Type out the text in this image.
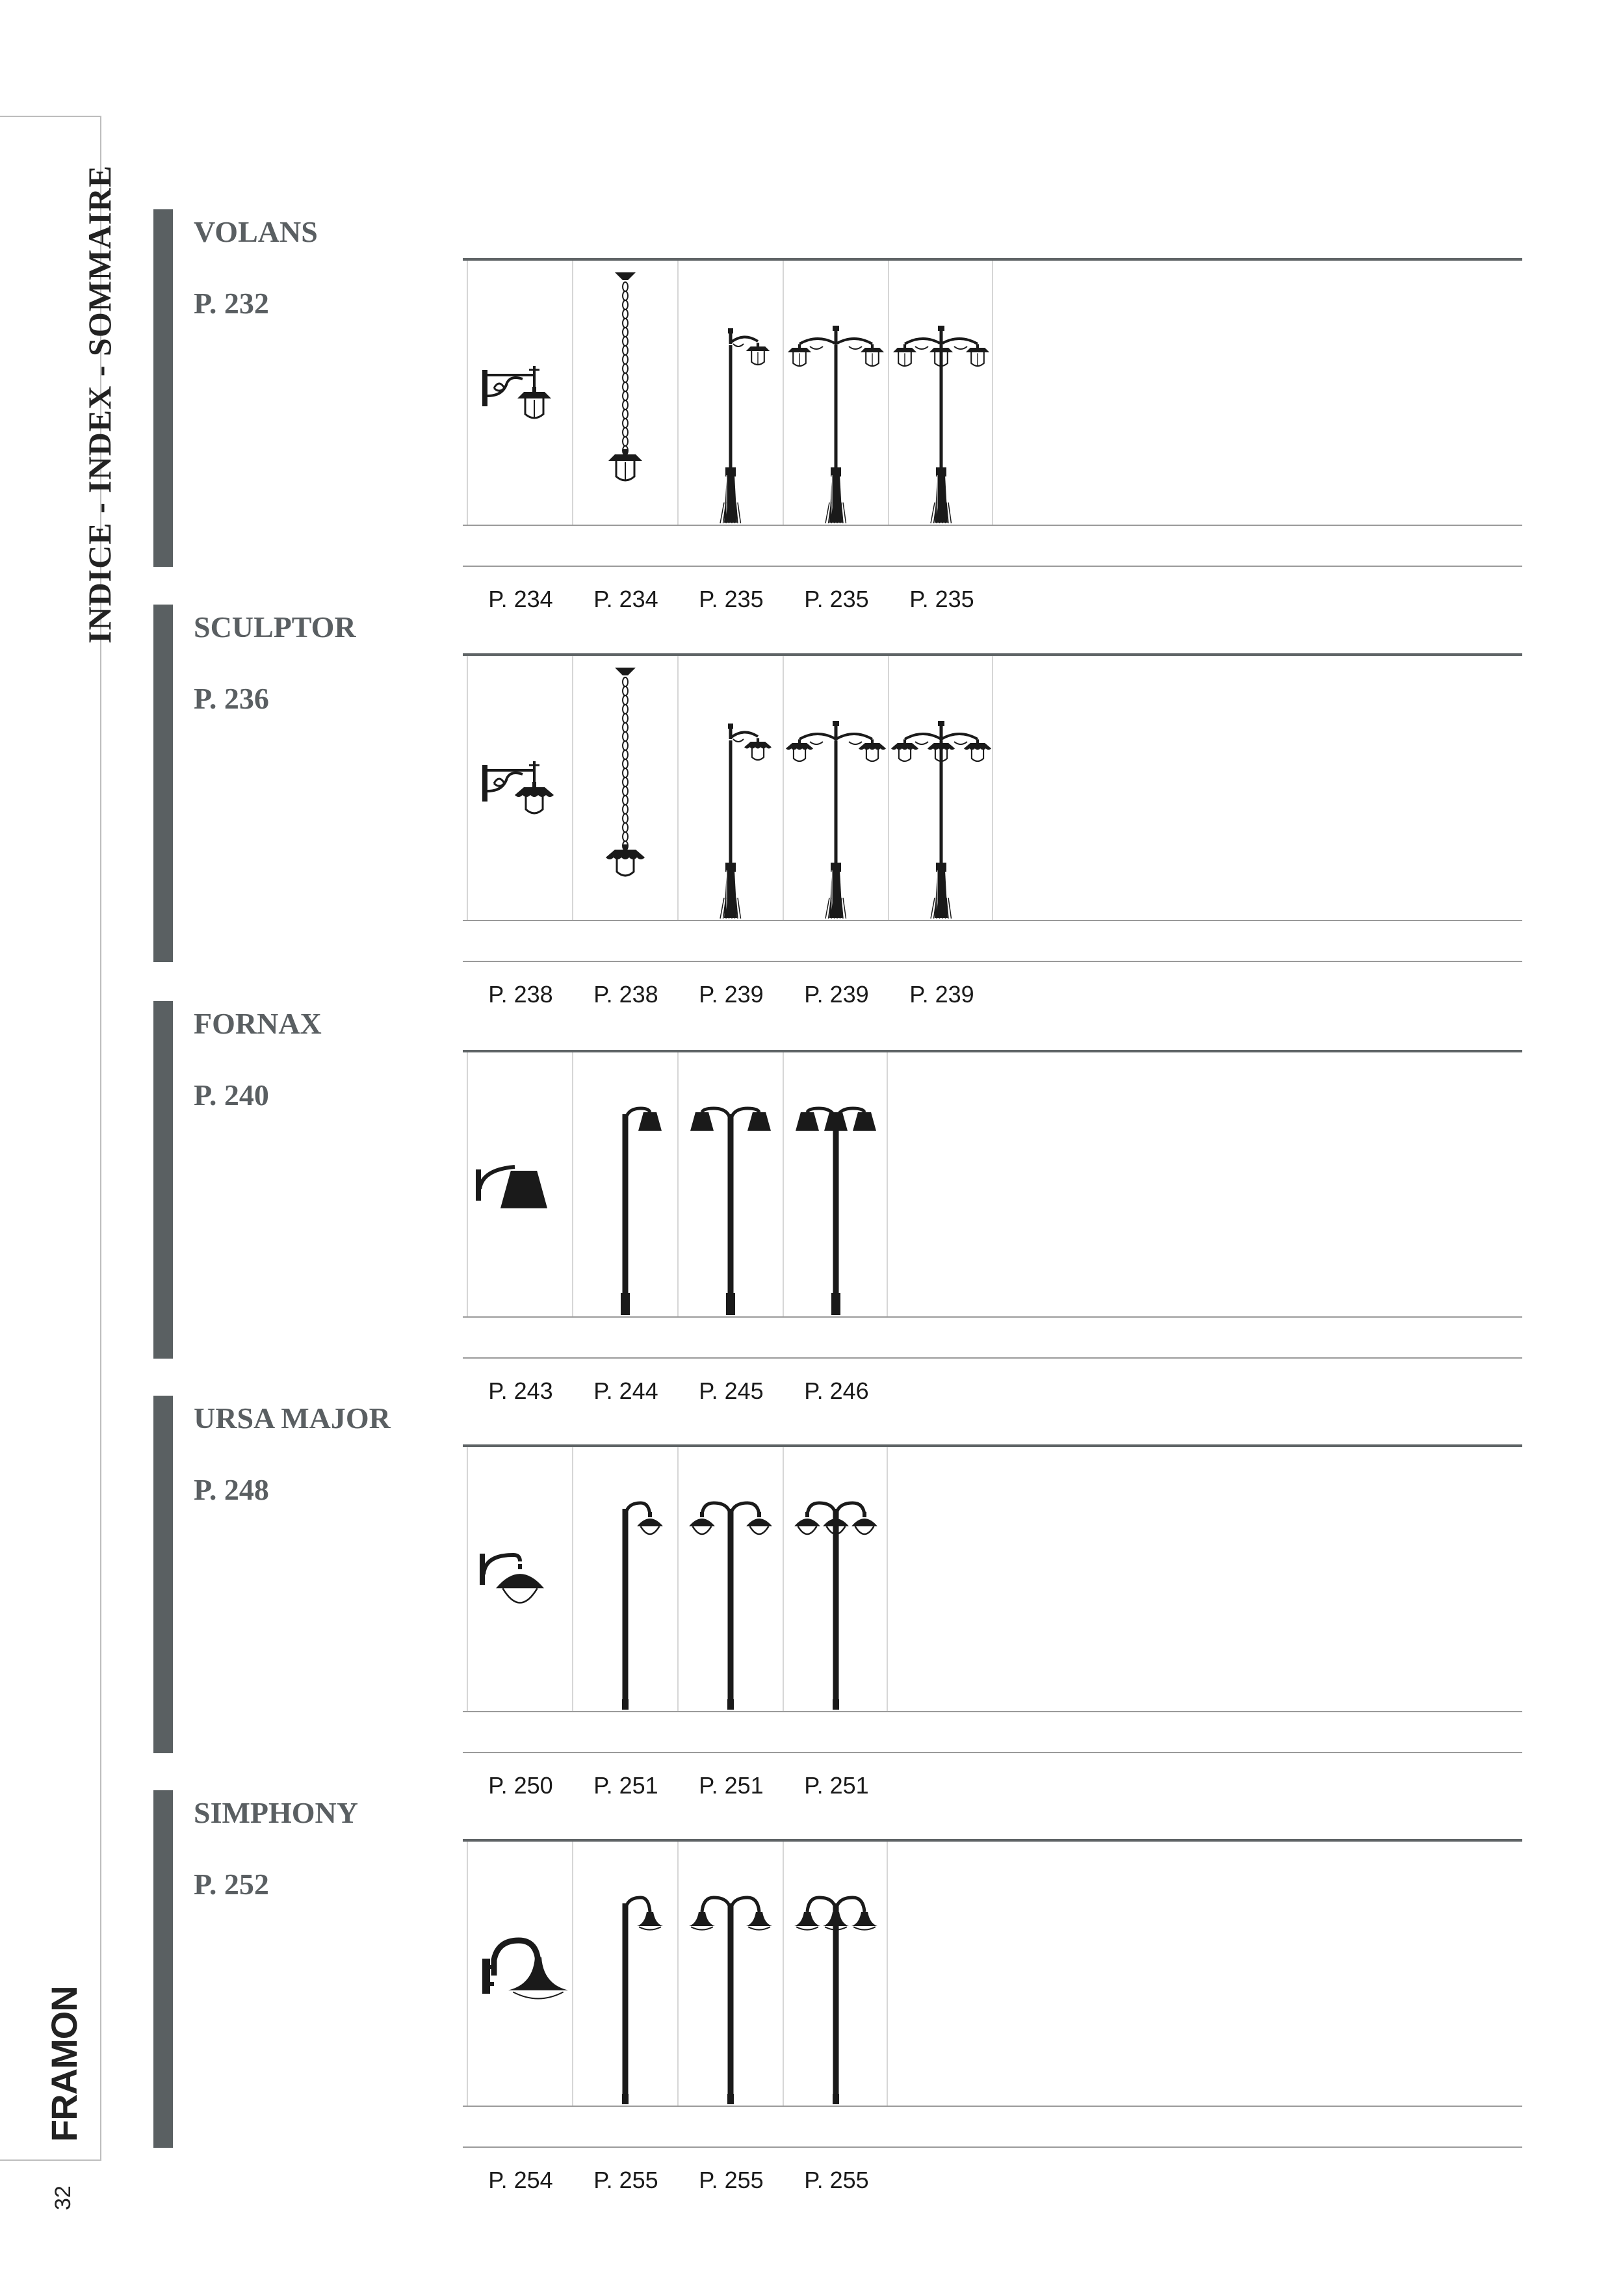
INDICE - INDEX - SOMMAIRE
FRAMON
32
VOLANS
P. 232
P. 234	P. 234	P. 235	P. 235	P. 235
SCULPTOR
P. 236
P. 238	P. 238	P. 239	P. 239	P. 239
FORNAX
P. 240
P. 243	P. 244	P. 245	P. 246
URSA MAJOR
P. 248
P. 250	P. 251	P. 251	P. 251
SIMPHONY
P. 252
P. 254	P. 255	P. 255	P. 255
